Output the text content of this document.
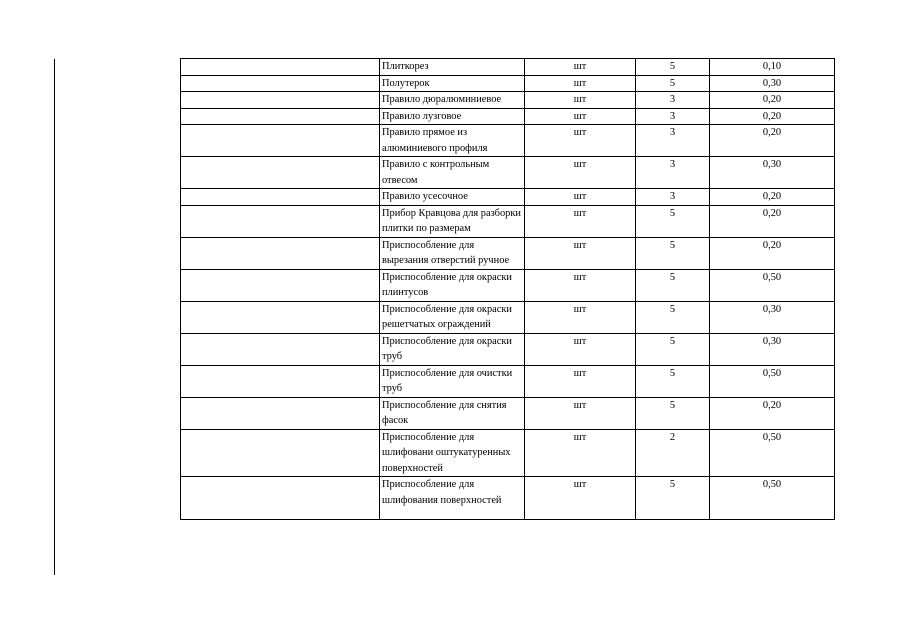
	Плиткорез	шт	5	0,10
	Полутерок	шт	5	0,30
	Правило дюралюминиевое	шт	3	0,20
	Правило лузговое	шт	3	0,20
	Правило прямое из алюминиевого профиля	шт	3	0,20
	Правило с контрольным отвесом	шт	3	0,30
	Правило усесочное	шт	3	0,20
	Прибор Кравцова для разборки плитки по размерам	шт	5	0,20
	Приспособление для вырезания отверстий ручное	шт	5	0,20
	Приспособление для окраски плинтусов	шт	5	0,50
	Приспособление для окраски решетчатых ограждений	шт	5	0,30
	Приспособление для окраски труб	шт	5	0,30
	Приспособление для очистки труб	шт	5	0,50
	Приспособление для снятия фасок	шт	5	0,20
	Приспособление для шлифовани оштукатуренных поверхностей	шт	2	0,50
	Приспособление для шлифования поверхностей	шт	5	0,50
